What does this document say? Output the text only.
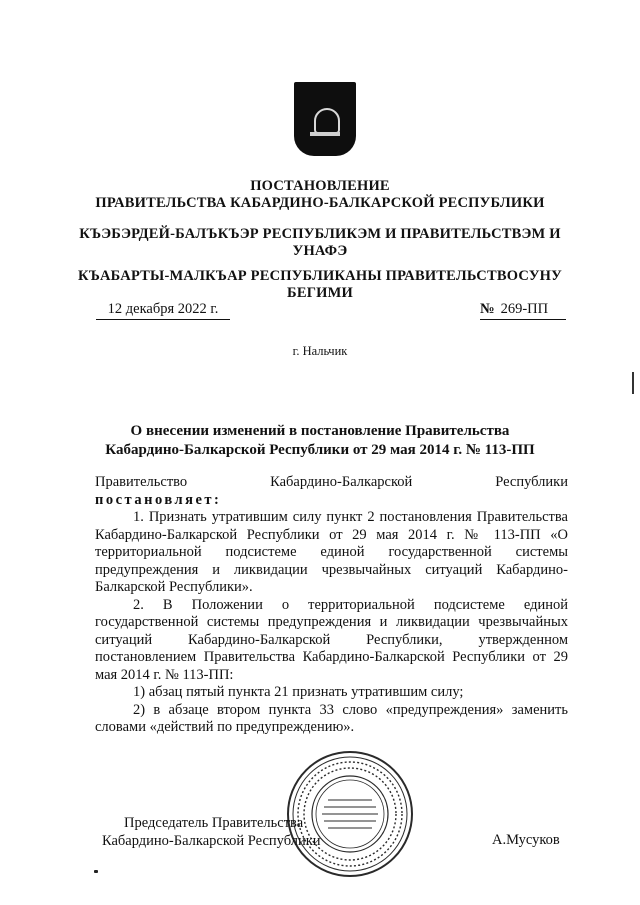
ПОСТАНОВЛЕНИЕ
ПРАВИТЕЛЬСТВА КАБАРДИНО-БАЛКАРСКОЙ РЕСПУБЛИКИ
КЪЭБЭРДЕЙ-БАЛЪКЪЭР РЕСПУБЛИКЭМ И ПРАВИТЕЛЬСТВЭМ И
УНАФЭ
КЪАБАРТЫ-МАЛКЪАР РЕСПУБЛИКАНЫ ПРАВИТЕЛЬСТВОСУНУ
БЕГИМИ
12 декабря 2022 г.	№ 269-ПП
г. Нальчик
О внесении изменений в постановление Правительства
Кабардино-Балкарской Республики от 29 мая 2014 г. № 113-ПП

Правительство Кабардино-Балкарской Республики

постановляет:

1. Признать утратившим силу пункт 2 постановления Правительства Кабардино-Балкарской Республики от 29 мая 2014 г. № 113-ПП «О территориальной подсистеме единой государственной системы предупреждения и ликвидации чрезвычайных ситуаций Кабардино-Балкарской Республики».

2. В Положении о территориальной подсистеме единой государственной системы предупреждения и ликвидации чрезвычайных ситуаций Кабардино-Балкарской Республики, утвержденном постановлением Правительства Кабардино-Балкарской Республики от 29 мая 2014 г. № 113-ПП:

1) абзац пятый пункта 21 признать утратившим силу;

2) в абзаце втором пункта 33 слово «предупреждения» заменить словами «действий по предупреждению».

Председатель Правительства
Кабардино-Балкарской Республики	А.Мусуков
